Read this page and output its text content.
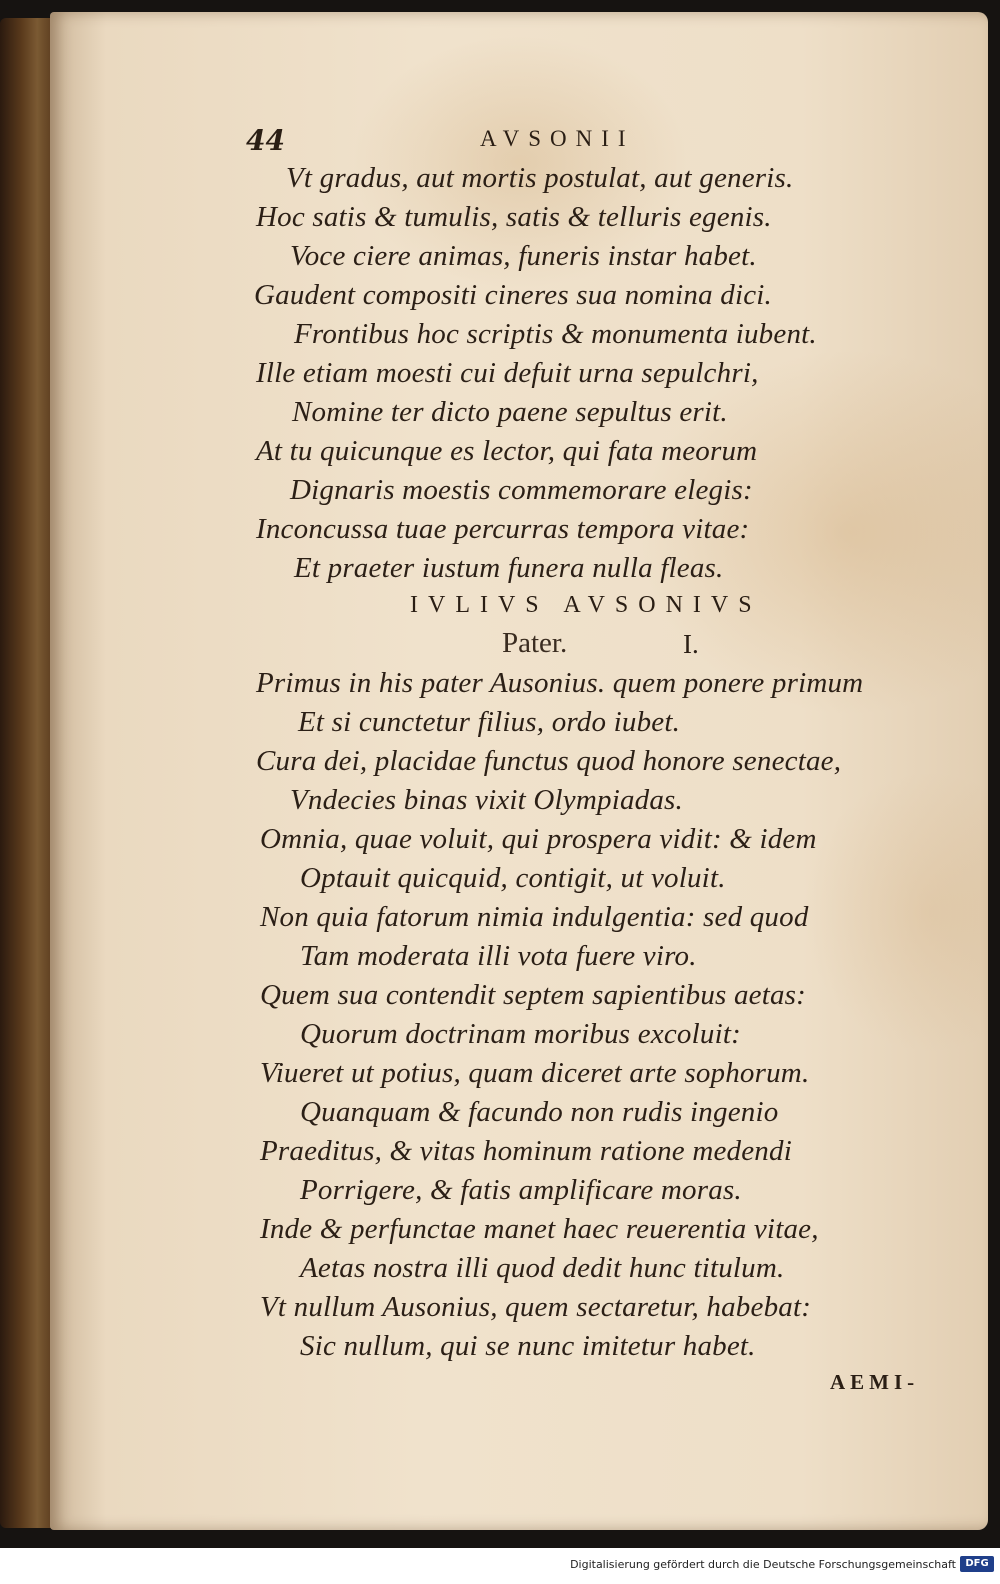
44	AVSONII
Vt gradus, aut mortis postulat, aut generis.
Hoc satis & tumulis, satis & telluris egenis.
Voce ciere animas, funeris instar habet.
Gaudent compositi cineres sua nomina dici.
Frontibus hoc scriptis & monumenta iubent.
Ille etiam moesti cui defuit urna sepulchri,
Nomine ter dicto paene sepultus erit.
At tu quicunque es lector, qui fata meorum
Dignaris moestis commemorare elegis:
Inconcussa tuae percurras tempora vitae:
Et praeter iustum funera nulla fleas.
IVLIVS AVSONIVS
Pater.	I.
Primus in his pater Ausonius. quem ponere primum
Et si cunctetur filius, ordo iubet.
Cura dei, placidae functus quod honore senectae,
Vndecies binas vixit Olympiadas.
Omnia, quae voluit, qui prospera vidit: & idem
Optauit quicquid, contigit, ut voluit.
Non quia fatorum nimia indulgentia: sed quod
Tam moderata illi vota fuere viro.
Quem sua contendit septem sapientibus aetas:
Quorum doctrinam moribus excoluit:
Viueret ut potius, quam diceret arte sophorum.
Quanquam & facundo non rudis ingenio
Praeditus, & vitas hominum ratione medendi
Porrigere, & fatis amplificare moras.
Inde & perfunctae manet haec reuerentia vitae,
Aetas nostra illi quod dedit hunc titulum.
Vt nullum Ausonius, quem sectaretur, habebat:
Sic nullum, qui se nunc imitetur habet.
AEMI-
Digitalisierung gefördert durch die Deutsche Forschungsgemeinschaft DFG
